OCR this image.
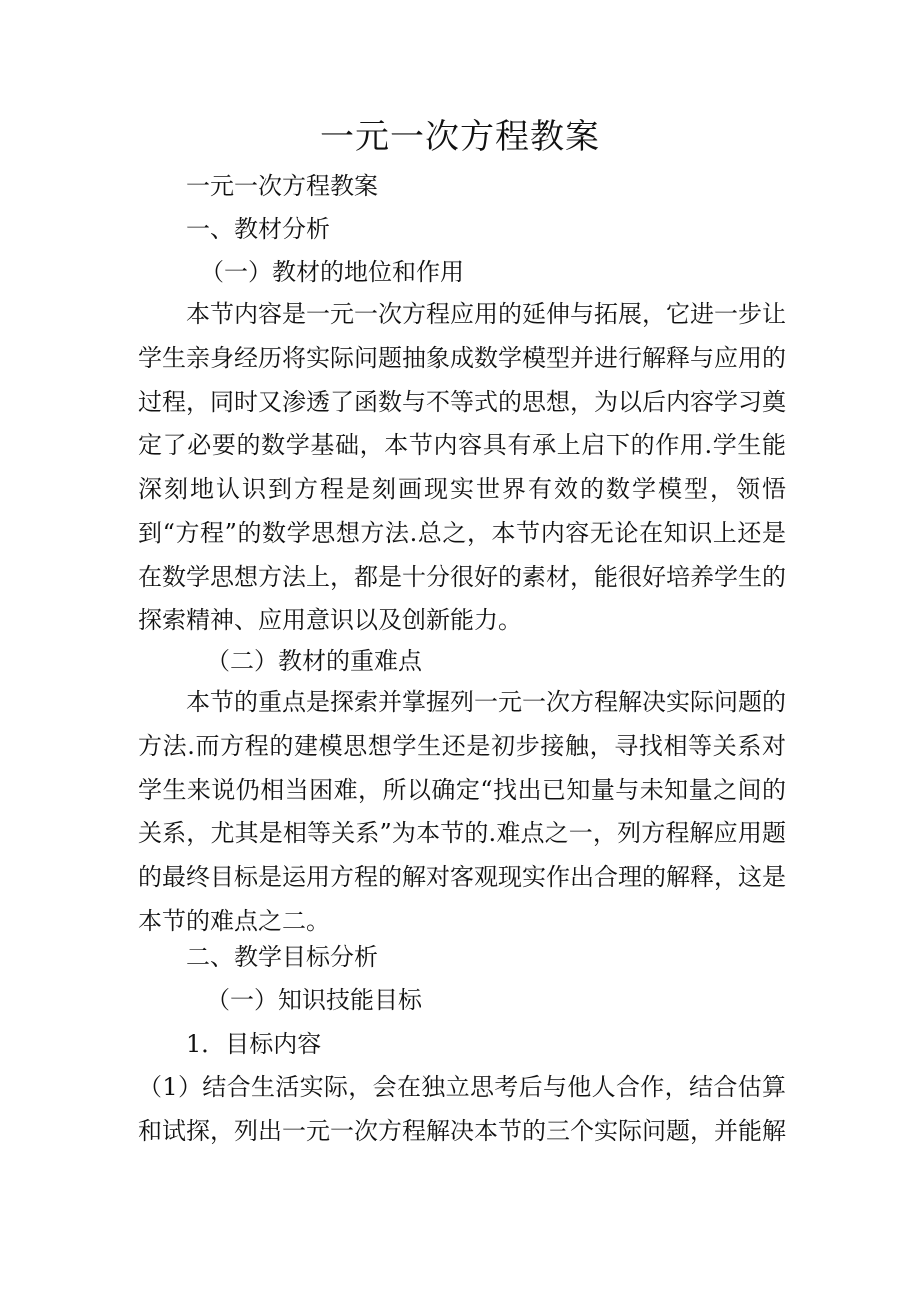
一元一次方程教案

一元一次方程教案

一、教材分析

（一）教材的地位和作用

本节内容是一元一次方程应用的延伸与拓展，它进一步让学生亲身经历将实际问题抽象成数学模型并进行解释与应用的过程，同时又渗透了函数与不等式的思想，为以后内容学习奠定了必要的数学基础，本节内容具有承上启下的作用.学生能深刻地认识到方程是刻画现实世界有效的数学模型，领悟到“方程”的数学思想方法.总之，本节内容无论在知识上还是在数学思想方法上，都是十分很好的素材，能很好培养学生的探索精神、应用意识以及创新能力。

（二）教材的重难点

本节的重点是探索并掌握列一元一次方程解决实际问题的方法.而方程的建模思想学生还是初步接触，寻找相等关系对学生来说仍相当困难，所以确定“找出已知量与未知量之间的关系，尤其是相等关系”为本节的.难点之一，列方程解应用题的最终目标是运用方程的解对客观现实作出合理的解释，这是本节的难点之二。

二、教学目标分析

（一）知识技能目标

1．目标内容

（1）结合生活实际，会在独立思考后与他人合作，结合估算和试探，列出一元一次方程解决本节的三个实际问题，并能解
